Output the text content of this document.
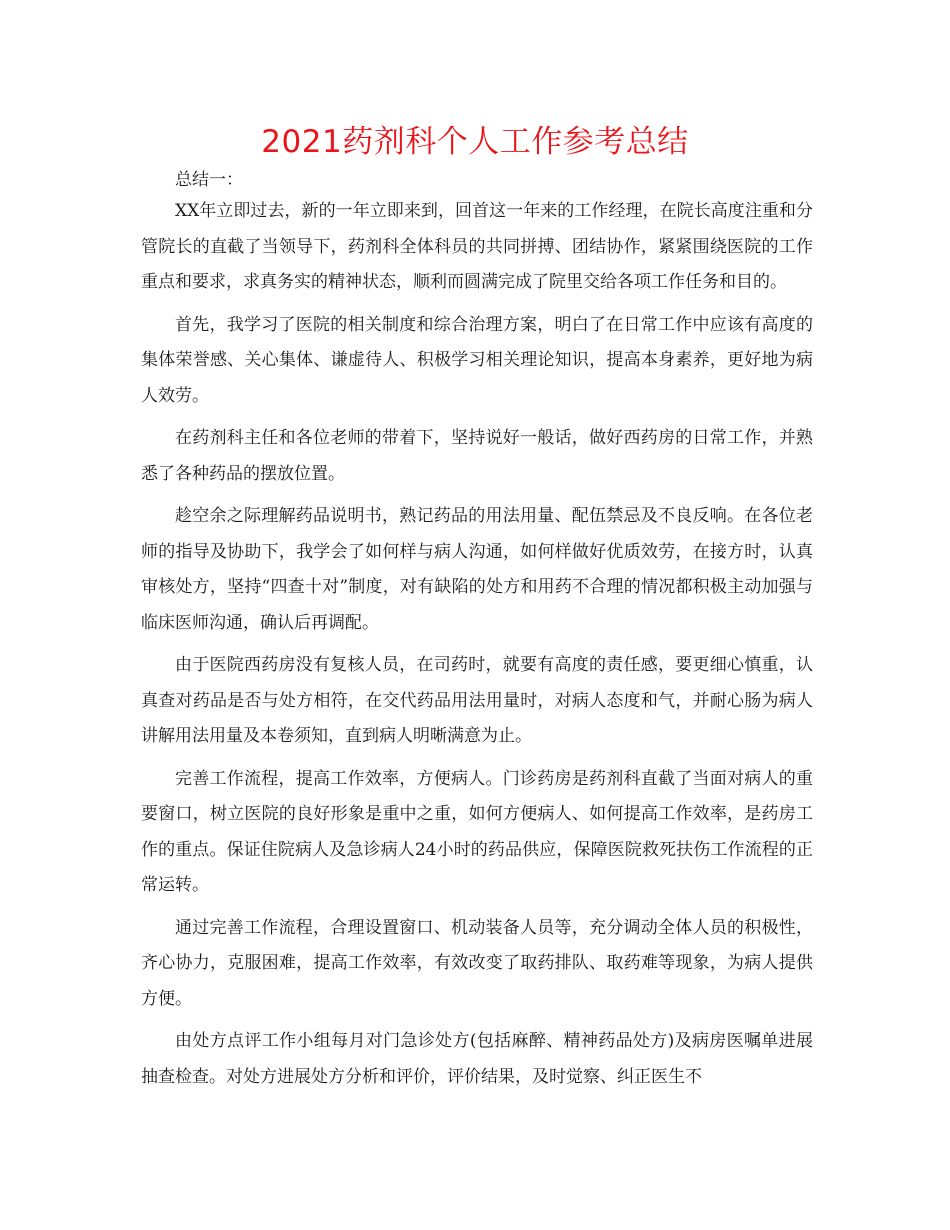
2021药剂科个人工作参考总结

总结一：

XX年立即过去，新的一年立即来到，回首这一年来的工作经理，在院长高度注重和分管院长的直截了当领导下，药剂科全体科员的共同拼搏、团结协作，紧紧围绕医院的工作重点和要求，求真务实的精神状态，顺利而圆满完成了院里交给各项工作任务和目的。

首先，我学习了医院的相关制度和综合治理方案，明白了在日常工作中应该有高度的集体荣誉感、关心集体、谦虚待人、积极学习相关理论知识，提高本身素养，更好地为病人效劳。

在药剂科主任和各位老师的带着下，坚持说好一般话，做好西药房的日常工作，并熟悉了各种药品的摆放位置。

趁空余之际理解药品说明书，熟记药品的用法用量、配伍禁忌及不良反响。在各位老师的指导及协助下，我学会了如何样与病人沟通，如何样做好优质效劳，在接方时，认真审核处方，坚持“四查十对”制度，对有缺陷的处方和用药不合理的情况都积极主动加强与临床医师沟通，确认后再调配。

由于医院西药房没有复核人员，在司药时，就要有高度的责任感，要更细心慎重，认真查对药品是否与处方相符，在交代药品用法用量时，对病人态度和气，并耐心肠为病人讲解用法用量及本卷须知，直到病人明晰满意为止。

完善工作流程，提高工作效率，方便病人。门诊药房是药剂科直截了当面对病人的重要窗口，树立医院的良好形象是重中之重，如何方便病人、如何提高工作效率，是药房工作的重点。保证住院病人及急诊病人24小时的药品供应，保障医院救死扶伤工作流程的正常运转。

通过完善工作流程，合理设置窗口、机动装备人员等，充分调动全体人员的积极性，齐心协力，克服困难，提高工作效率，有效改变了取药排队、取药难等现象，为病人提供方便。

由处方点评工作小组每月对门急诊处方(包括麻醉、精神药品处方)及病房医嘱单进展抽查检查。对处方进展处方分析和评价，评价结果，及时觉察、纠正医生不
